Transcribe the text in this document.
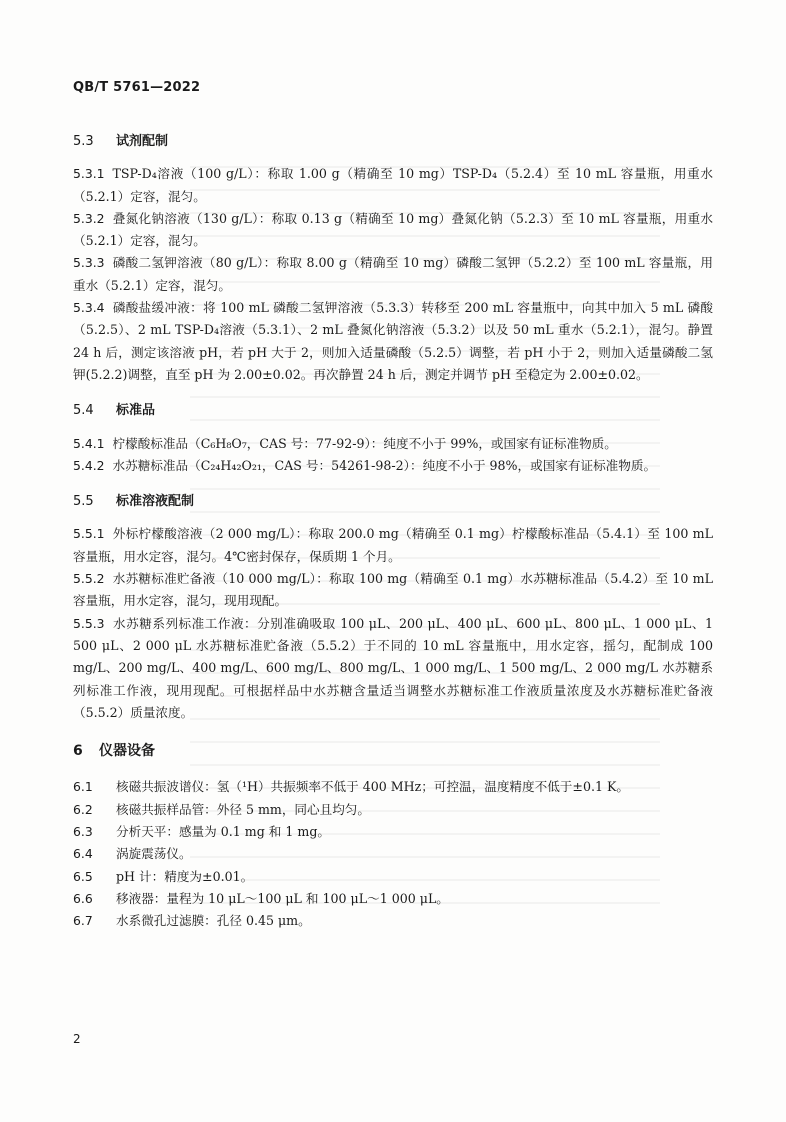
QB/T 5761—2022
5.3 试剂配制

5.3.1 TSP-D₄溶液（100 g/L）：称取 1.00 g（精确至 10 mg）TSP-D₄（5.2.4）至 10 mL 容量瓶，用重水（5.2.1）定容，混匀。

5.3.2 叠氮化钠溶液（130 g/L）：称取 0.13 g（精确至 10 mg）叠氮化钠（5.2.3）至 10 mL 容量瓶，用重水（5.2.1）定容，混匀。

5.3.3 磷酸二氢钾溶液（80 g/L）：称取 8.00 g（精确至 10 mg）磷酸二氢钾（5.2.2）至 100 mL 容量瓶，用重水（5.2.1）定容，混匀。

5.3.4 磷酸盐缓冲液：将 100 mL 磷酸二氢钾溶液（5.3.3）转移至 200 mL 容量瓶中，向其中加入 5 mL 磷酸（5.2.5）、2 mL TSP-D₄溶液（5.3.1）、2 mL 叠氮化钠溶液（5.3.2）以及 50 mL 重水（5.2.1），混匀。静置 24 h 后，测定该溶液 pH，若 pH 大于 2，则加入适量磷酸（5.2.5）调整，若 pH 小于 2，则加入适量磷酸二氢钾(5.2.2)调整，直至 pH 为 2.00±0.02。再次静置 24 h 后，测定并调节 pH 至稳定为 2.00±0.02。

5.4 标准品

5.4.1 柠檬酸标准品（C₆H₈O₇，CAS 号：77-92-9）：纯度不小于 99%，或国家有证标准物质。

5.4.2 水苏糖标准品（C₂₄H₄₂O₂₁，CAS 号：54261-98-2）：纯度不小于 98%，或国家有证标准物质。

5.5 标准溶液配制

5.5.1 外标柠檬酸溶液（2 000 mg/L）：称取 200.0 mg（精确至 0.1 mg）柠檬酸标准品（5.4.1）至 100 mL 容量瓶，用水定容，混匀。4℃密封保存，保质期 1 个月。

5.5.2 水苏糖标准贮备液（10 000 mg/L）：称取 100 mg（精确至 0.1 mg）水苏糖标准品（5.4.2）至 10 mL 容量瓶，用水定容，混匀，现用现配。

5.5.3 水苏糖系列标准工作液：分别准确吸取 100 μL、200 μL、400 μL、600 μL、800 μL、1 000 μL、1 500 μL、2 000 μL 水苏糖标准贮备液（5.5.2）于不同的 10 mL 容量瓶中，用水定容，摇匀，配制成 100 mg/L、200 mg/L、400 mg/L、600 mg/L、800 mg/L、1 000 mg/L、1 500 mg/L、2 000 mg/L 水苏糖系列标准工作液，现用现配。可根据样品中水苏糖含量适当调整水苏糖标准工作液质量浓度及水苏糖标准贮备液（5.5.2）质量浓度。

6 仪器设备

6.1 核磁共振波谱仪：氢（¹H）共振频率不低于 400 MHz；可控温，温度精度不低于±0.1 K。

6.2 核磁共振样品管：外径 5 mm，同心且均匀。

6.3 分析天平：感量为 0.1 mg 和 1 mg。

6.4 涡旋震荡仪。

6.5 pH 计：精度为±0.01。

6.6 移液器：量程为 10 μL～100 μL 和 100 μL～1 000 μL。

6.7 水系微孔过滤膜：孔径 0.45 μm。

2
